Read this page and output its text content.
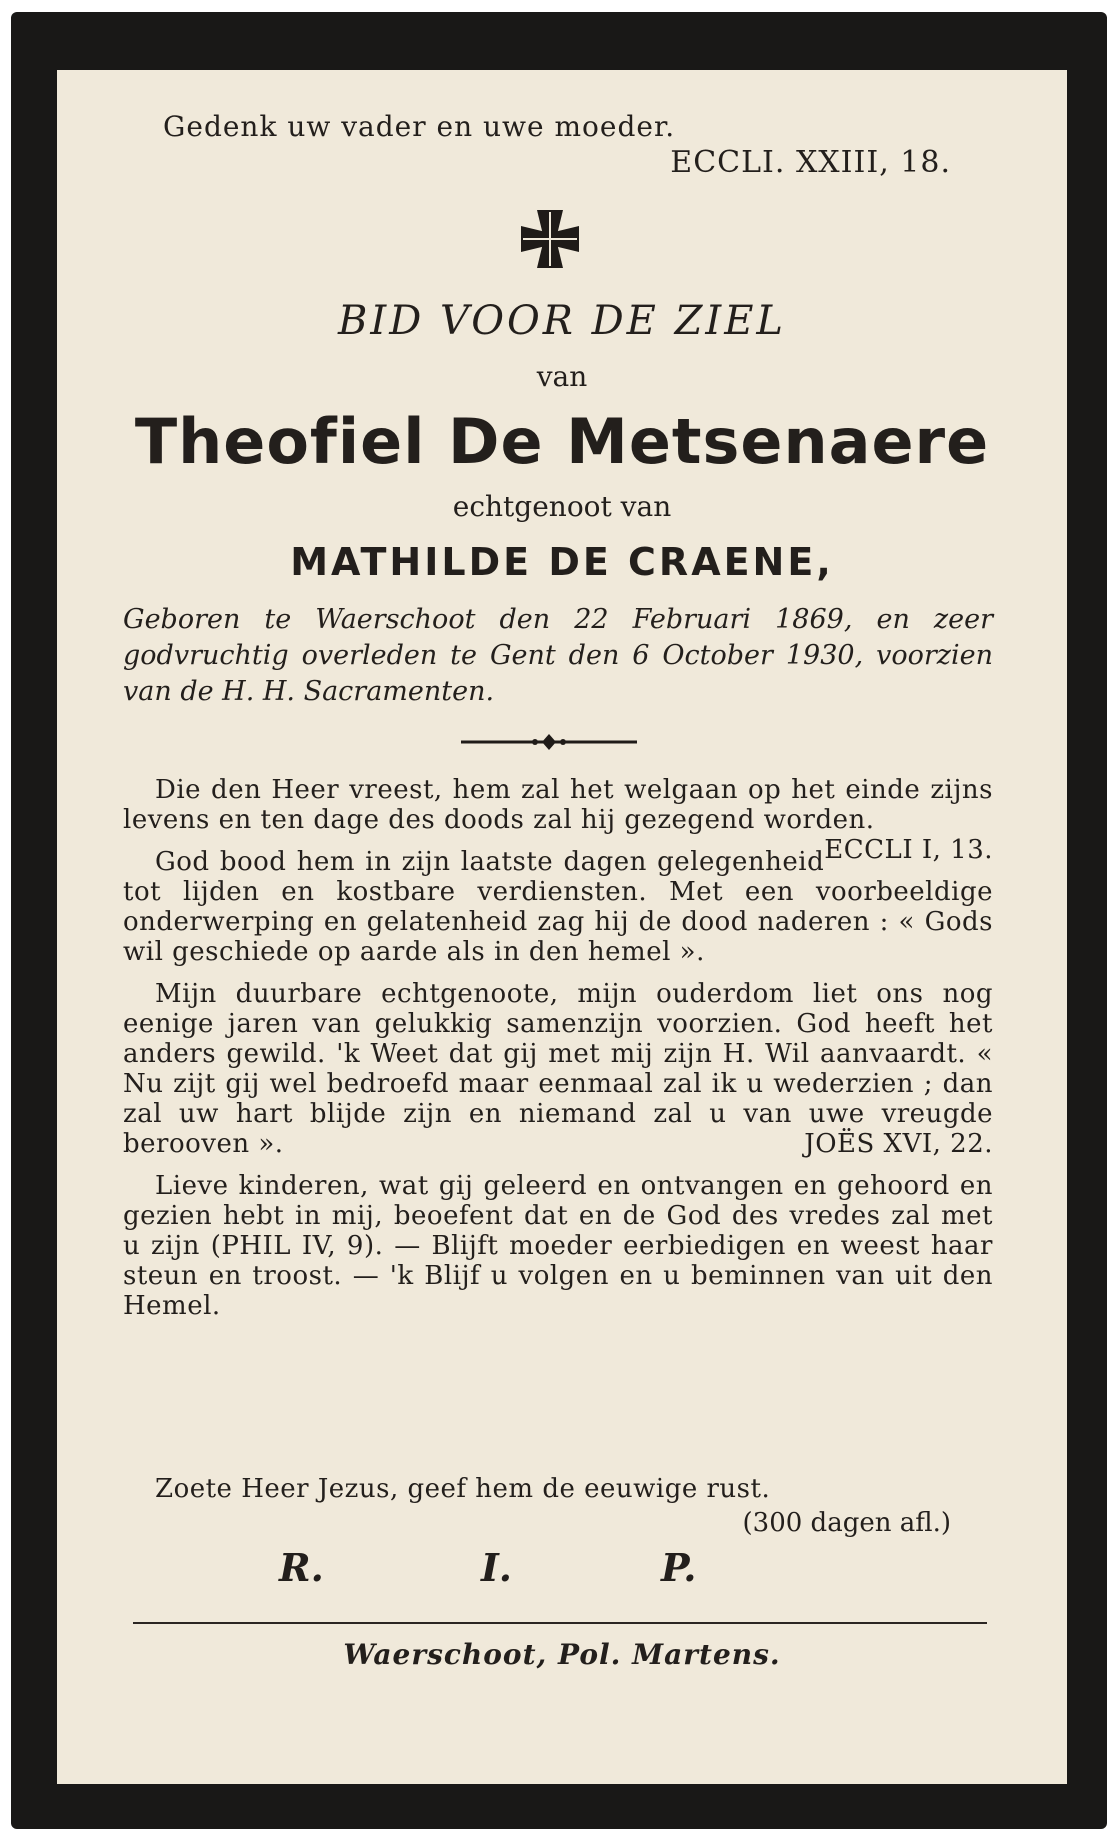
Gedenk uw vader en uwe moeder.
ECCLI. XXIII, 18.
BID VOOR DE ZIEL
van
Theofiel De Metsenaere
echtgenoot van
MATHILDE DE CRAENE,
Geboren te Waerschoot den 22 Februari 1869, en zeer godvruchtig overleden te Gent den 6 October 1930, voorzien van de H. H. Sacramenten.

Die den Heer vreest, hem zal het welgaan op het einde zijns levens en ten dage des doods zal hij gezegend worden.
ECCLI I, 13.

God bood hem in zijn laatste dagen gelegenheid tot lijden en kostbare verdiensten. Met een voorbeeldige onderwerping en gelatenheid zag hij de dood naderen : « Gods wil geschiede op aarde als in den hemel ».

Mijn duurbare echtgenoote, mijn ouderdom liet ons nog eenige jaren van gelukkig samenzijn voorzien. God heeft het anders gewild. 'k Weet dat gij met mij zijn H. Wil aanvaardt. « Nu zijt gij wel bedroefd maar eenmaal zal ik u wederzien ; dan zal uw hart blijde zijn en niemand zal u van uwe vreugde berooven ».	JOËS XVI, 22.

Lieve kinderen, wat gij geleerd en ontvangen en gehoord en gezien hebt in mij, beoefent dat en de God des vredes zal met u zijn (PHIL IV, 9). — Blijft moeder eerbiedigen en weest haar steun en troost. — 'k Blijf u volgen en u beminnen van uit den Hemel.

Zoete Heer Jezus, geef hem de eeuwige rust.
(300 dagen afl.)
R.	I.	P.
Waerschoot, Pol. Martens.
